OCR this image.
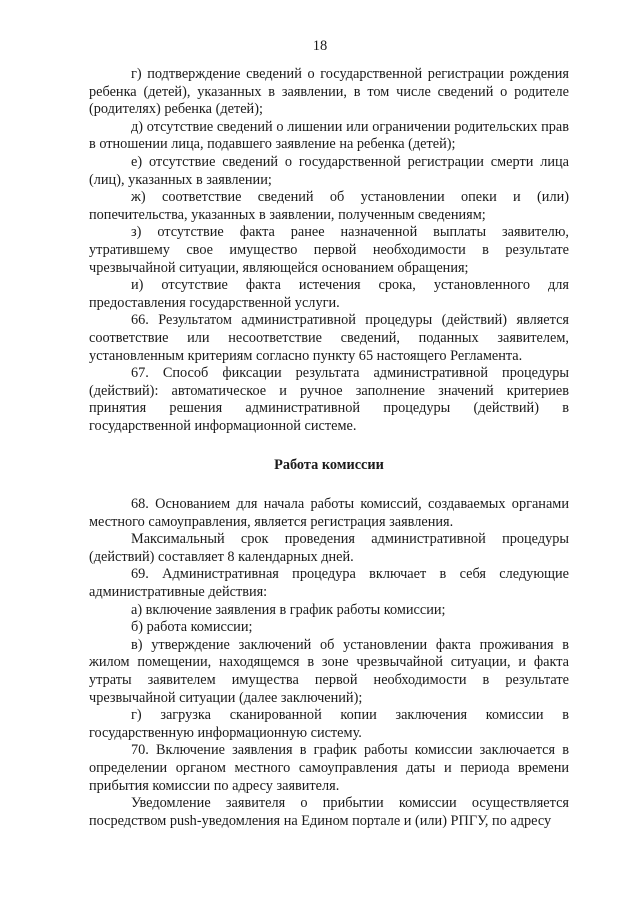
18

г) подтверждение сведений о государственной регистрации рождения ребенка (детей), указанных в заявлении, в том числе сведений о родителе (родителях) ребенка (детей);

д) отсутствие сведений о лишении или ограничении родительских прав в отношении лица, подавшего заявление на ребенка (детей);

е) отсутствие сведений о государственной регистрации смерти лица (лиц), указанных в заявлении;

ж) соответствие сведений об установлении опеки и (или) попечительства, указанных в заявлении, полученным сведениям;

з) отсутствие факта ранее назначенной выплаты заявителю, утратившему свое имущество первой необходимости в результате чрезвычайной ситуации, являющейся основанием обращения;

и) отсутствие факта истечения срока, установленного для предоставления государственной услуги.

66. Результатом административной процедуры (действий) является соответствие или несоответствие сведений, поданных заявителем, установленным критериям согласно пункту 65 настоящего Регламента.

67. Способ фиксации результата административной процедуры (действий): автоматическое и ручное заполнение значений критериев принятия решения административной процедуры (действий) в государственной информационной системе.

Работа комиссии

68. Основанием для начала работы комиссий, создаваемых органами местного самоуправления, является регистрация заявления.

Максимальный срок проведения административной процедуры (действий) составляет 8 календарных дней.

69. Административная процедура включает в себя следующие административные действия:

а) включение заявления в график работы комиссии;

б) работа комиссии;

в) утверждение заключений об установлении факта проживания в жилом помещении, находящемся в зоне чрезвычайной ситуации, и факта утраты заявителем имущества первой необходимости в результате чрезвычайной ситуации (далее заключений);

г) загрузка сканированной копии заключения комиссии в государственную информационную систему.

70. Включение заявления в график работы комиссии заключается в определении органом местного самоуправления даты и периода времени прибытия комиссии по адресу заявителя.

Уведомление заявителя о прибытии комиссии осуществляется посредством push-уведомления на Едином портале и (или) РПГУ, по адресу
